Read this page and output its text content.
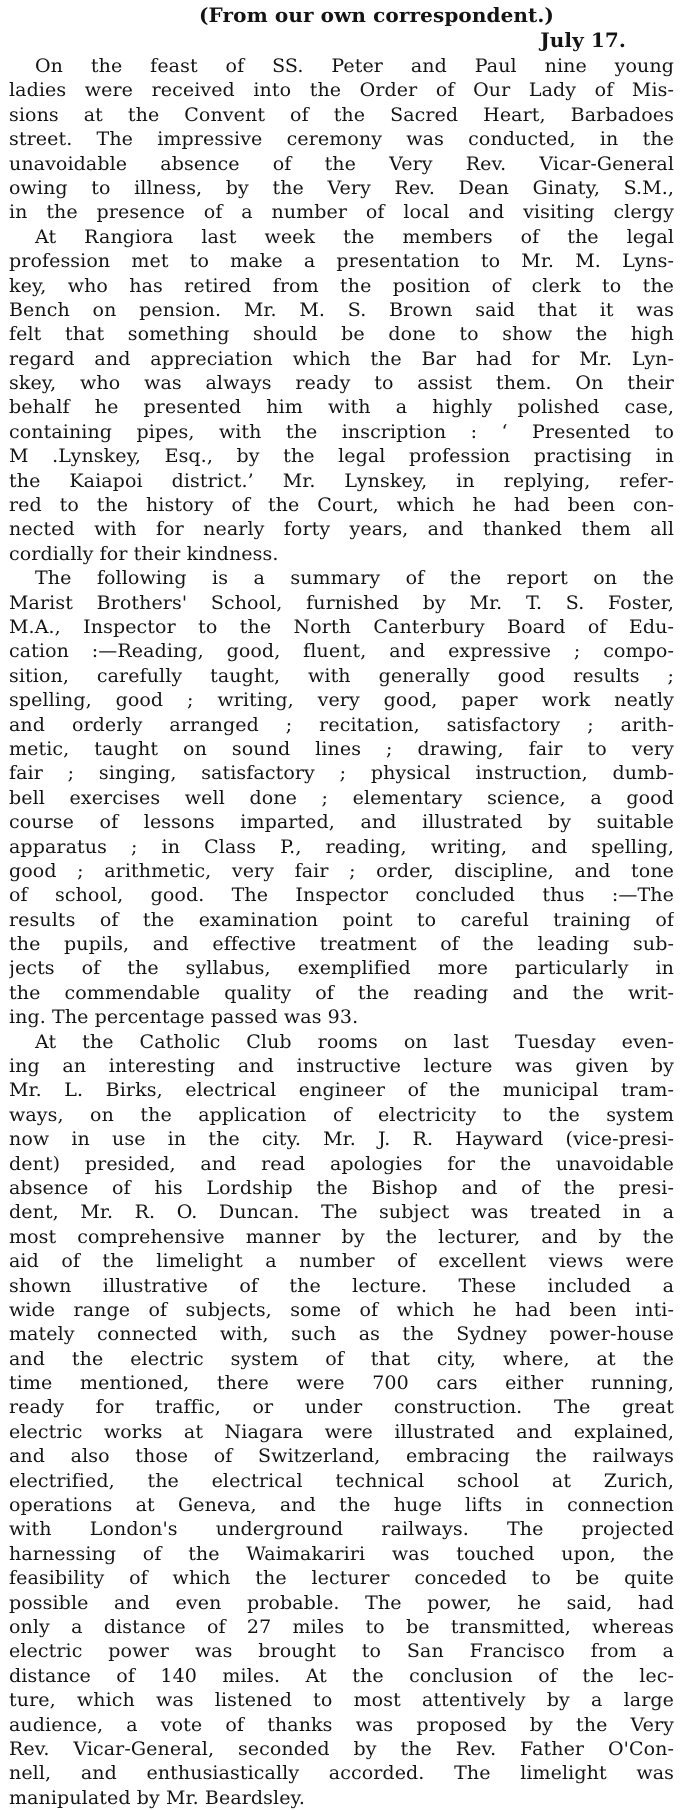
(From our own correspondent.)

July 17.

On the feast of SS. Peter and Paul nine young
ladies were received into the Order of Our Lady of Mis-
sions at the Convent of the Sacred Heart, Barbadoes
street. The impressive ceremony was conducted, in the
unavoidable absence of the Very Rev. Vicar-General
owing to illness, by the Very Rev. Dean Ginaty, S.M.,
in the presence of a number of local and visiting clergy
At Rangiora last week the members of the legal
profession met to make a presentation to Mr. M. Lyns-
key, who has retired from the position of clerk to the
Bench on pension. Mr. M. S. Brown said that it was
felt that something should be done to show the high
regard and appreciation which the Bar had for Mr. Lyn-
skey, who was always ready to assist them. On their
behalf he presented him with a highly polished case,
containing pipes, with the inscription : ‘ Presented to
M .Lynskey, Esq., by the legal profession practising in
the Kaiapoi district.’ Mr. Lynskey, in replying, refer-
red to the history of the Court, which he had been con-
nected with for nearly forty years, and thanked them all
cordially for their kindness.
The following is a summary of the report on the
Marist Brothers' School, furnished by Mr. T. S. Foster,
M.A., Inspector to the North Canterbury Board of Edu-
cation :—Reading, good, fluent, and expressive ; compo-
sition, carefully taught, with generally good results ;
spelling, good ; writing, very good, paper work neatly
and orderly arranged ; recitation, satisfactory ; arith-
metic, taught on sound lines ; drawing, fair to very
fair ; singing, satisfactory ; physical instruction, dumb-
bell exercises well done ; elementary science, a good
course of lessons imparted, and illustrated by suitable
apparatus ; in Class P., reading, writing, and spelling,
good ; arithmetic, very fair ; order, discipline, and tone
of school, good. The Inspector concluded thus :—The
results of the examination point to careful training of
the pupils, and effective treatment of the leading sub-
jects of the syllabus, exemplified more particularly in
the commendable quality of the reading and the writ-
ing. The percentage passed was 93.
At the Catholic Club rooms on last Tuesday even-
ing an interesting and instructive lecture was given by
Mr. L. Birks, electrical engineer of the municipal tram-
ways, on the application of electricity to the system
now in use in the city. Mr. J. R. Hayward (vice-presi-
dent) presided, and read apologies for the unavoidable
absence of his Lordship the Bishop and of the presi-
dent, Mr. R. O. Duncan. The subject was treated in a
most comprehensive manner by the lecturer, and by the
aid of the limelight a number of excellent views were
shown illustrative of the lecture. These included a
wide range of subjects, some of which he had been inti-
mately connected with, such as the Sydney power-house
and the electric system of that city, where, at the
time mentioned, there were 700 cars either running,
ready for traffic, or under construction. The great
electric works at Niagara were illustrated and explained,
and also those of Switzerland, embracing the railways
electrified, the electrical technical school at Zurich,
operations at Geneva, and the huge lifts in connection
with London's underground railways. The projected
harnessing of the Waimakariri was touched upon, the
feasibility of which the lecturer conceded to be quite
possible and even probable. The power, he said, had
only a distance of 27 miles to be transmitted, whereas
electric power was brought to San Francisco from a
distance of 140 miles. At the conclusion of the lec-
ture, which was listened to most attentively by a large
audience, a vote of thanks was proposed by the Very
Rev. Vicar-General, seconded by the Rev. Father O'Con-
nell, and enthusiastically accorded. The limelight was
manipulated by Mr. Beardsley.
